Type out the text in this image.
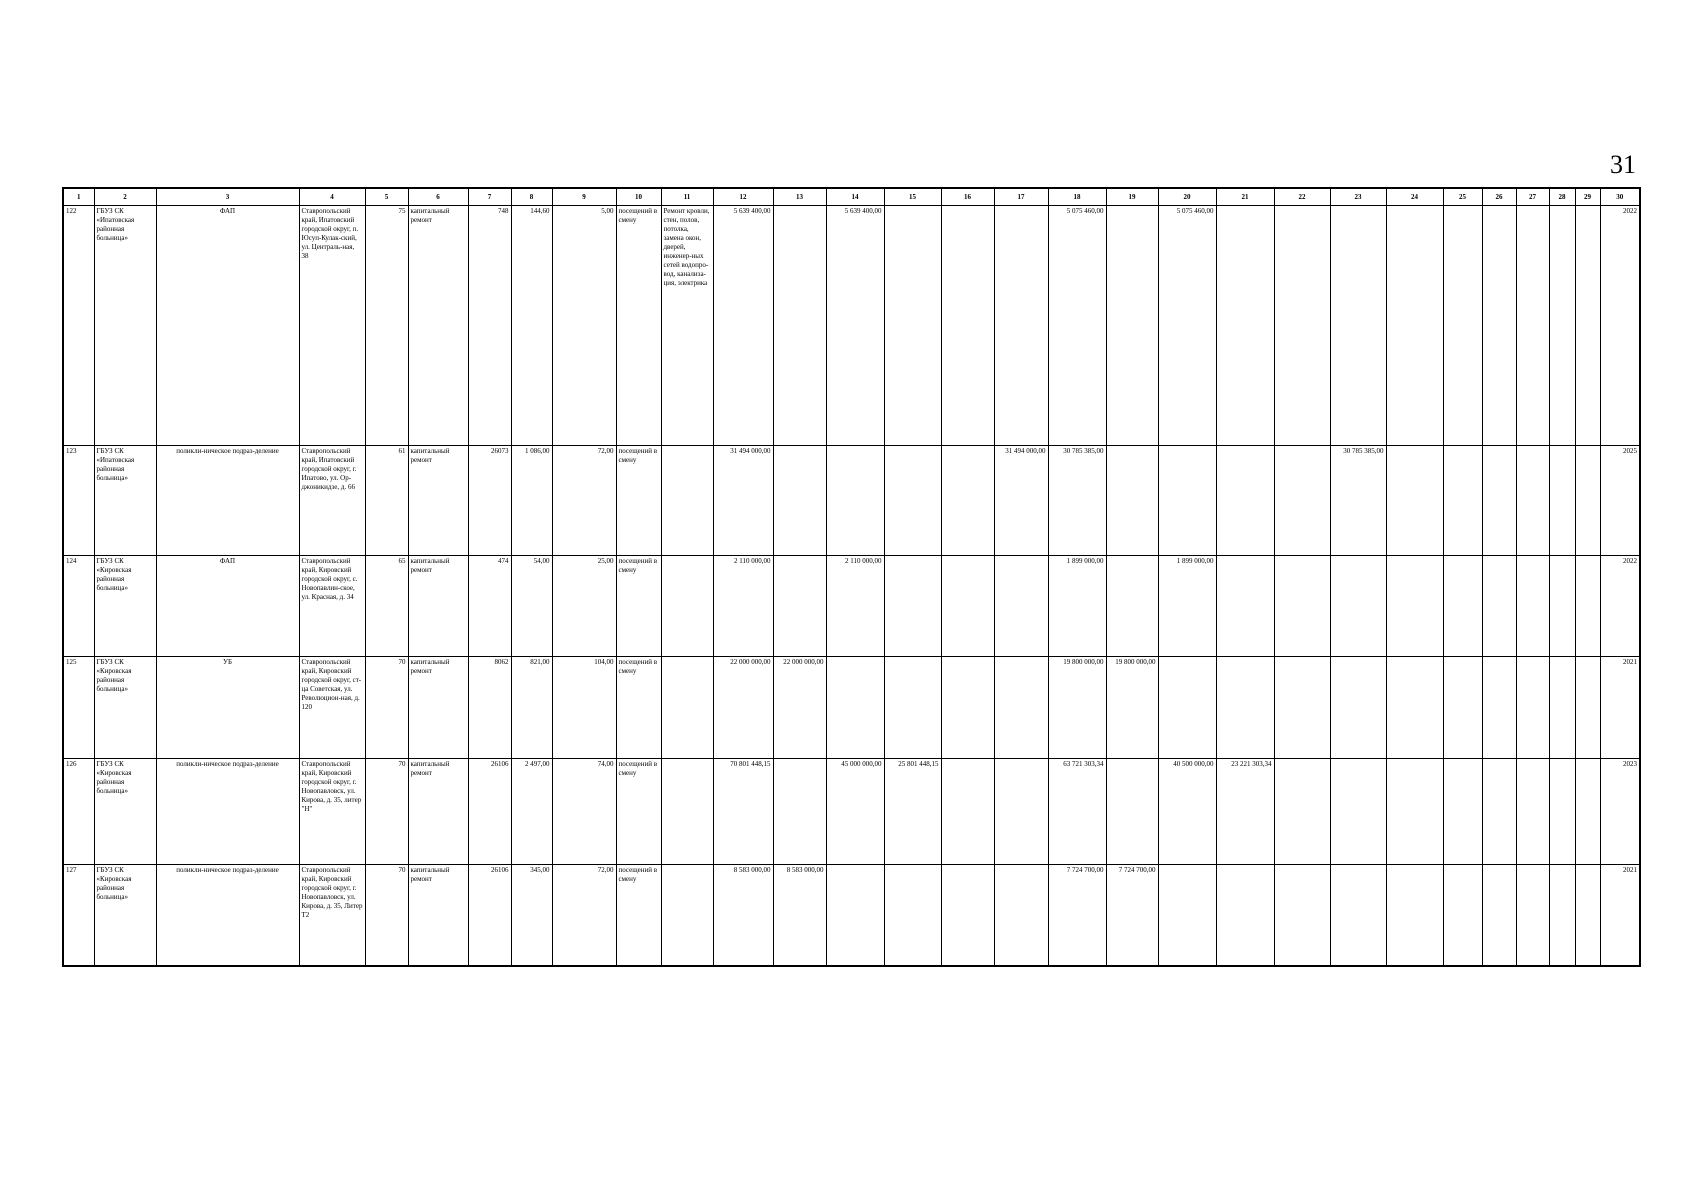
31
1	2	3	4	5	6	7	8	9	10	11	12	13	14	15	16	17	18	19	20	21	22	23	24	25	26	27	28	29	30
122	ГБУЗ СК «Ипатовская районная больница»	ФАП	Ставропольский край, Ипатовский городской округ, п. Юсуп-Кулак-ский, ул. Централь-ная, 38	75	капитальный ремонт	748	144,60	5,00	посещений в смену	Ремонт кровли, стен, полов, потолка, замена окон, дверей, инженер-ных сетей водопро-вод, канализа-ция, электрика	5 639 400,00		5 639 400,00				5 075 460,00		5 075 460,00										2022
123	ГБУЗ СК «Ипатовская районная больница»	поликли-ническое подраз-деление	Ставропольский край, Ипатовский городской округ, г. Ипатово, ул. Ор-джоникидзе, д. 66	61	капитальный ремонт	26073	1 086,00	72,00	посещений в смену		31 494 000,00					31 494 000,00	30 785 385,00					30 785 385,00							2025
124	ГБУЗ СК «Кировская районная больница»	ФАП	Ставропольский край, Кировский городской округ, с. Новопавлин-ское, ул. Красная, д. 34	65	капитальный ремонт	474	54,00	25,00	посещений в смену		2 110 000,00		2 110 000,00				1 899 000,00		1 899 000,00										2022
125	ГБУЗ СК «Кировская районная больница»	УБ	Ставропольский край, Кировский городской округ, ст-ца Советская, ул. Революцион-ная, д. 120	70	капитальный ремонт	8062	821,00	104,00	посещений в смену		22 000 000,00	22 000 000,00					19 800 000,00	19 800 000,00											2021
126	ГБУЗ СК «Кировская районная больница»	поликли-ническое подраз-деление	Ставропольский край, Кировский городской округ, г. Новопавловск, ул. Кирова, д. 35, литер "Н"	70	капитальный ремонт	26106	2 497,00	74,00	посещений в смену		70 801 448,15		45 000 000,00	25 801 448,15			63 721 303,34		40 500 000,00	23 221 303,34									2023
127	ГБУЗ СК «Кировская районная больница»	поликли-ническое подраз-деление	Ставропольский край, Кировский городской округ, г. Новопавловск, ул. Кирова, д. 35, Литер Т2	70	капитальный ремонт	26106	345,00	72,00	посещений в смену		8 583 000,00	8 583 000,00					7 724 700,00	7 724 700,00											2021
